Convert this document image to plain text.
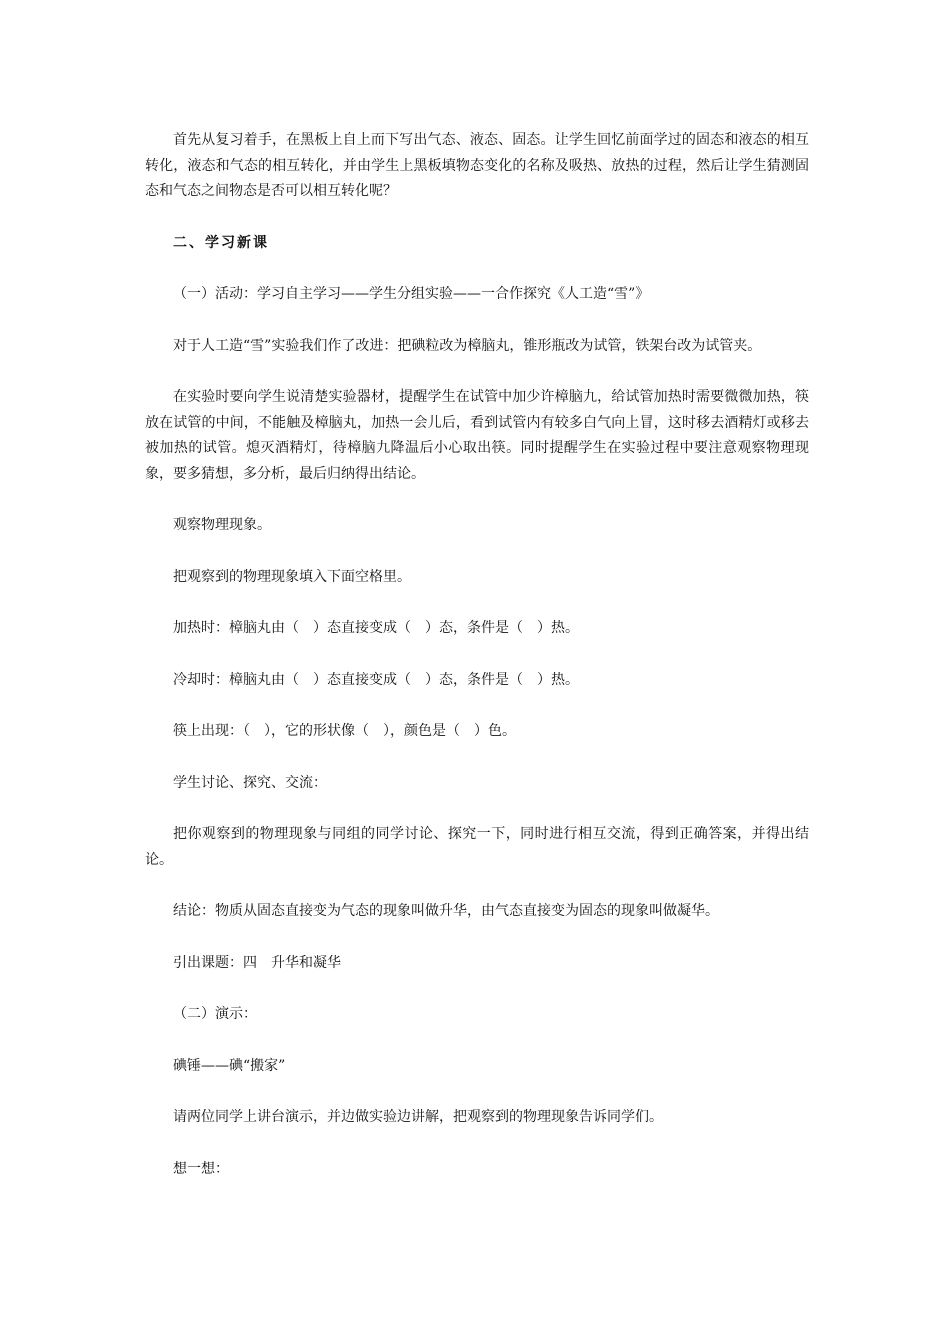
首先从复习着手，在黑板上自上而下写出气态、液态、固态。让学生回忆前面学过的固态和液态的相互转化，液态和气态的相互转化，并由学生上黑板填物态变化的名称及吸热、放热的过程，然后让学生猜测固态和气态之间物态是否可以相互转化呢？

二、学习新课

（一）活动：学习自主学习——学生分组实验——一合作探究《人工造“雪”》

对于人工造“雪”实验我们作了改进：把碘粒改为樟脑丸，锥形瓶改为试管，铁架台改为试管夹。

在实验时要向学生说清楚实验器材，提醒学生在试管中加少许樟脑九，给试管加热时需要微微加热，筷放在试管的中间，不能触及樟脑丸，加热一会儿后，看到试管内有较多白气向上冒，这时移去酒精灯或移去被加热的试管。熄灭酒精灯，待樟脑九降温后小心取出筷。同时提醒学生在实验过程中要注意观察物理现象，要多猜想，多分析，最后归纳得出结论。

观察物理现象。

把观察到的物理现象填入下面空格里。

加热时：樟脑丸由（　）态直接变成（　）态，条件是（　）热。

冷却时：樟脑丸由（　）态直接变成（　）态，条件是（　）热。

筷上出现：（　），它的形状像（　），颜色是（　）色。

学生讨论、探究、交流：

把你观察到的物理现象与同组的同学讨论、探究一下，同时进行相互交流，得到正确答案，并得出结论。

结论：物质从固态直接变为气态的现象叫做升华，由气态直接变为固态的现象叫做凝华。

引出课题：四　升华和凝华

（二）演示：

碘锤——碘“搬家”

请两位同学上讲台演示，并边做实验边讲解，把观察到的物理现象告诉同学们。

想一想：
